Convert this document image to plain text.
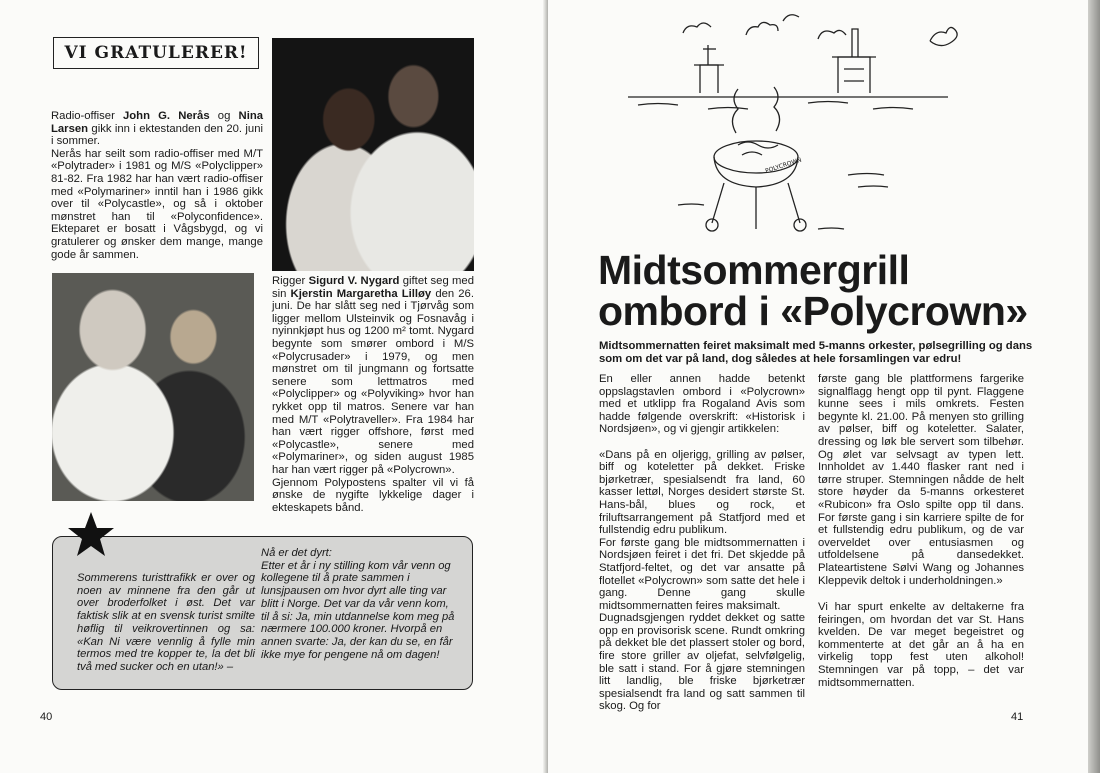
VI GRATULERER!

Radio-offiser John G. Nerås og Nina Larsen gikk inn i ektestanden den 20. juni i sommer.
Nerås har seilt som radio-offiser med M/T «Polytrader» i 1981 og M/S «Polyclipper» 81-82. Fra 1982 har han vært radio-offiser med «Polymariner» inntil han i 1986 gikk over til «Polycastle», og så i oktober mønstret han til «Polyconfidence». Ekteparet er bosatt i Vågsbygd, og vi gratulerer og ønsker dem mange, mange gode år sammen.

Rigger Sigurd V. Nygard giftet seg med sin Kjerstin Margaretha Lilløy den 26. juni. De har slått seg ned i Tjørvåg som ligger mellom Ulsteinvik og Fosnavåg i nyinnkjøpt hus og 1200 m² tomt. Nygard begynte som smører ombord i M/S «Polycrusader» i 1979, og men mønstret om til jungmann og fortsatte senere som lettmatros med «Polyclipper» og «Polyviking» hvor han rykket opp til matros. Senere var han med M/T «Polytraveller». Fra 1984 har han vært rigger offshore, først med «Polycastle», senere med «Polymariner», og siden august 1985 har han vært rigger på «Polycrown».
Gjennom Polypostens spalter vil vi få ønske de nygifte lykkelige dager i ekteskapets bånd.

Sommerens turisttrafikk er over og noen av minnene fra den går ut over broderfolket i øst. Det var faktisk slik at en svensk turist smilte høflig til veikrovertinnen og sa: «Kan Ni være vennlig å fylle min termos med tre kopper te, la det bli två med sucker och en utan!» –

Nå er det dyrt:
Etter et år i ny stilling kom vår venn og kollegene til å prate sammen i lunsjpausen om hvor dyrt alle ting var blitt i Norge. Det var da vår venn kom, til å si: Ja, min utdannelse kom meg på nærmere 100.000 kroner. Hvorpå en annen svarte: Ja, der kan du se, en får ikke mye for pengene nå om dagen!

40
POLYCROWN
Midtsommergrill
ombord i «Polycrown»
Midtsommernatten feiret maksimalt med 5-manns orkester, pølsegrilling og dans som om det var på land, dog således at hele forsamlingen var edru!

En eller annen hadde betenkt oppslagstavlen ombord i «Polycrown» med et utklipp fra Rogaland Avis som hadde følgende overskrift: «Historisk i Nordsjøen», og vi gjengir artikkelen:

«Dans på en oljerigg, grilling av pølser, biff og koteletter på dekket. Friske bjørketrær, spesialsendt fra land, 60 kasser lettøl, Norges desidert største St. Hans-bål, blues og rock, et friluftsarrangement på Statfjord med et fullstendig edru publikum.

For første gang ble midtsommernatten i Nordsjøen feiret i det fri. Det skjedde på Statfjord-feltet, og det var ansatte på flotellet «Polycrown» som satte det hele i gang. Denne gang skulle midtsommernatten feires maksimalt.

Dugnadsgjengen ryddet dekket og satte opp en provisorisk scene. Rundt omkring på dekket ble det plassert stoler og bord, fire store griller av oljefat, selvfølgelig, ble satt i stand. For å gjøre stemningen litt landlig, ble friske bjørketrær spesialsendt fra land og satt sammen til skog. Og for

første gang ble plattformens fargerike signalflagg hengt opp til pynt. Flaggene kunne sees i mils omkrets. Festen begynte kl. 21.00. På menyen sto grilling av pølser, biff og koteletter. Salater, dressing og løk ble servert som tilbehør. Og ølet var selvsagt av typen lett. Innholdet av 1.440 flasker rant ned i tørre struper. Stemningen nådde de helt store høyder da 5-manns orkesteret «Rubicon» fra Oslo spilte opp til dans. For første gang i sin karriere spilte de for et fullstendig edru publikum, og de var overveldet over entusiasmen og utfoldelsene på dansedekket. Plateartistene Sølvi Wang og Johannes Kleppevik deltok i underholdningen.»

Vi har spurt enkelte av deltakerne fra feiringen, om hvordan det var St. Hans kvelden. De var meget begeistret og kommenterte at det går an å ha en virkelig topp fest uten alkohol! Stemningen var på topp, – det var midtsommernatten.

41
